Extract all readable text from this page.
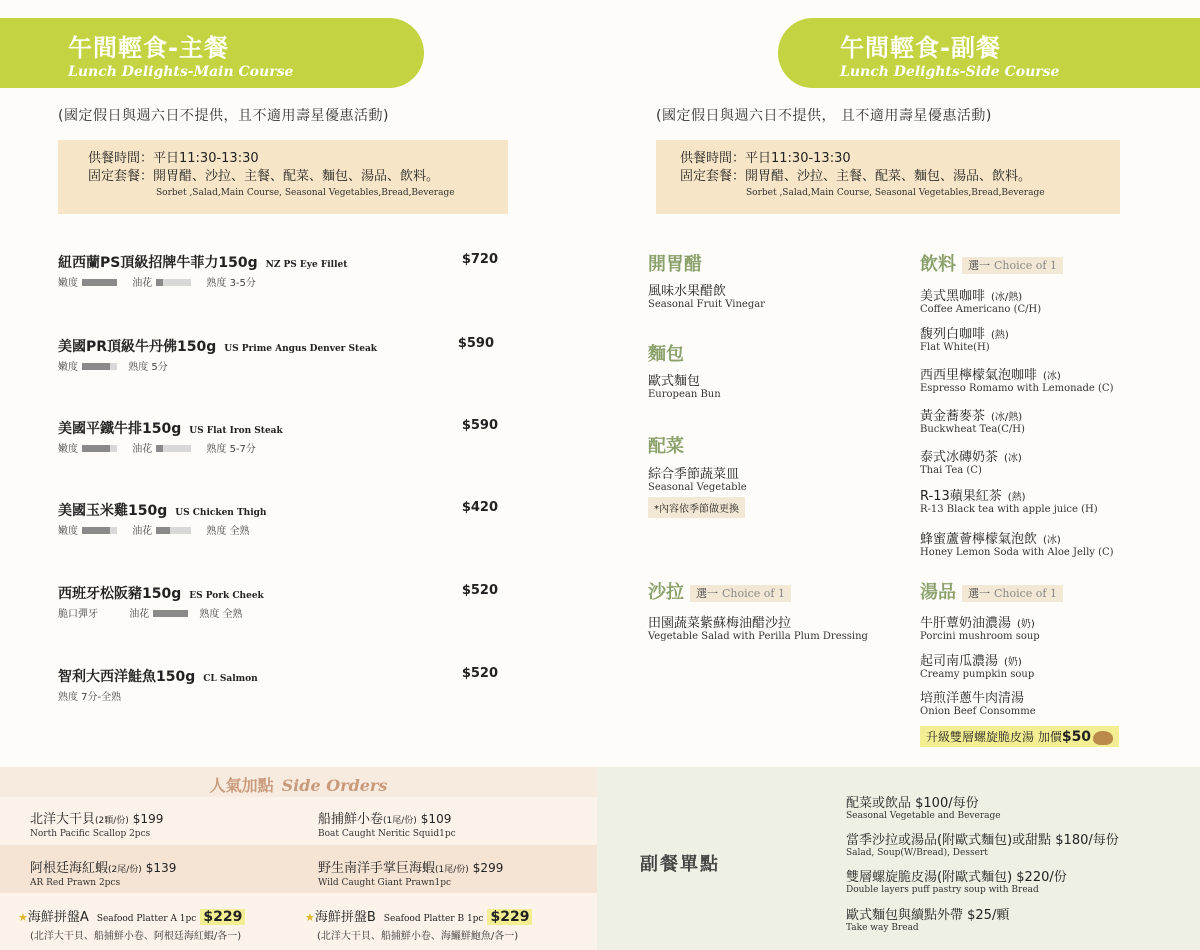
午間輕食-主餐
Lunch Delights-Main Course
午間輕食-副餐
Lunch Delights-Side Course
(國定假日與週六日不提供，且不適用壽星優惠活動)	(國定假日與週六日不提供， 且不適用壽星優惠活動)
供餐時間：平日11:30-13:30
固定套餐：開胃醋、沙拉、主餐、配菜、麵包、湯品、飲料。
Sorbet ,Salad,Main Course, Seasonal Vegetables,Bread,Beverage
供餐時間：平日11:30-13:30
固定套餐：開胃醋、沙拉、主餐、配菜、麵包、湯品、飲料。
Sorbet ,Salad,Main Course, Seasonal Vegetables,Bread,Beverage
紐西蘭PS頂級招牌牛菲力150g NZ PS Eye Fillet	$720
嫩度	油花	熟度 3-5分
美國PR頂級牛丹佛150g US Prime Angus Denver Steak	$590
嫩度	熟度 5分
美國平鐵牛排150g US Flat Iron Steak	$590
嫩度	油花	熟度 5-7分
美國玉米雞150g US Chicken Thigh	$420
嫩度	油花	熟度 全熟
西班牙松阪豬150g ES Pork Cheek	$520
脆口彈牙	油花	熟度 全熟
智利大西洋鮭魚150g CL Salmon	$520
熟度 7分-全熟
開胃醋
風味水果醋飲
Seasonal Fruit Vinegar
麵包
歐式麵包
European Bun
配菜
綜合季節蔬菜皿
Seasonal Vegetable
*內容依季節做更換
沙拉 選一 Choice of 1
田園蔬菜紫蘇梅油醋沙拉
Vegetable Salad with Perilla Plum Dressing
飲料 選一 Choice of 1
美式黑咖啡 (冰/熱)
Coffee Americano (C/H)
馥列白咖啡 (熱)
Flat White(H)
西西里檸檬氣泡咖啡 (冰)
Espresso Romamo with Lemonade (C)
黃金蕎麥茶 (冰/熱)
Buckwheat Tea(C/H)
泰式冰磚奶茶 (冰)
Thai Tea (C)
R-13蘋果紅茶 (熱)
R-13 Black tea with apple juice (H)
蜂蜜蘆薈檸檬氣泡飲 (冰)
Honey Lemon Soda with Aloe Jelly (C)
湯品 選一 Choice of 1
牛肝蕈奶油濃湯 (奶)
Porcini mushroom soup
起司南瓜濃湯 (奶)
Creamy pumpkin soup
培煎洋蔥牛肉清湯
Onion Beef Consomme
升級雙層螺旋脆皮湯 加價$50
人氣加點 Side Orders
北洋大干貝(2顆/份) $199
North Pacific Scallop 2pcs
船捕鮮小卷(1尾/份) $109
Boat Caught Neritic Squid1pc
阿根廷海紅蝦(2尾/份) $139
AR Red Prawn 2pcs
野生南洋手掌巨海蝦(1尾/份) $299
Wild Caught Giant Prawn1pc
★海鮮拼盤A Seafood Platter A 1pc $229
(北洋大干貝、船捕鮮小卷、阿根廷海紅蝦/各一)
★海鮮拼盤B Seafood Platter B 1pc $229
(北洋大干貝、船捕鮮小卷、海鱺鮮鮑魚/各一)
副餐單點
配菜或飲品 $100/每份
Seasonal Vegetable and Beverage
當季沙拉或湯品(附歐式麵包)或甜點 $180/每份
Salad, Soup(W/Bread), Dessert
雙層螺旋脆皮湯(附歐式麵包) $220/份
Double layers puff pastry soup with Bread
歐式麵包與續點外帶 $25/顆
Take way Bread
